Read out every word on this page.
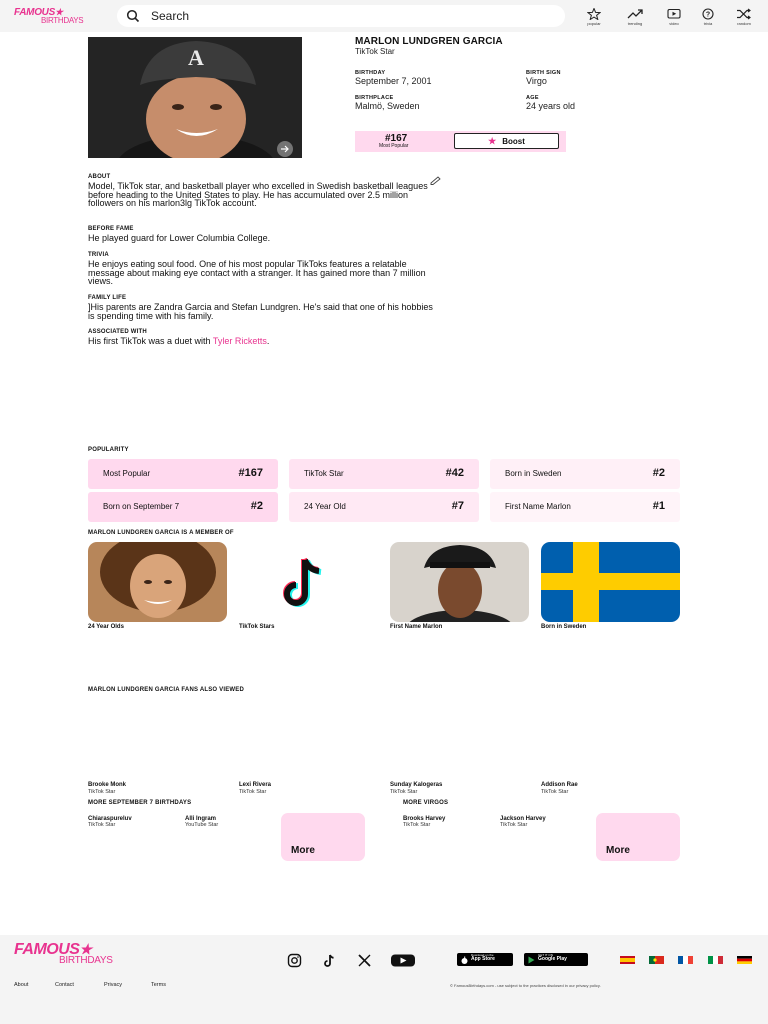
FAMOUS★
BIRTHDAYS
Search	popular	trending	video
?
trivia	random
A
MARLON LUNDGREN GARCIA
TikTok Star
BIRTHDAY
September 7, 2001
BIRTH SIGN
Virgo
BIRTHPLACE
Malmö, Sweden
AGE
24 years old
#167
Most Popular	★ Boost
ABOUT
Model, TikTok star, and basketball player who excelled in Swedish basketball leagues before heading to the United States to play. He has accumulated over 2.5 million followers on his marlon3lg TikTok account.
BEFORE FAME
He played guard for Lower Columbia College.
TRIVIA
He enjoys eating soul food. One of his most popular TikToks features a relatable message about making eye contact with a stranger. It has gained more than 7 million views.
FAMILY LIFE
]His parents are Zandra Garcia and Stefan Lundgren. He's said that one of his hobbies is spending time with his family.
ASSOCIATED WITH
His first TikTok was a duet with Tyler Ricketts.
POPULARITY
Most Popular	#167	TikTok Star	#42	Born in Sweden	#2
Born on September 7	#2	24 Year Old	#7	First Name Marlon	#1
MARLON LUNDGREN GARCIA IS A MEMBER OF
24 Year Olds	TikTok Stars	First Name Marlon	Born in Sweden
MARLON LUNDGREN GARCIA FANS ALSO VIEWED
Brooke Monk
TikTok Star
Lexi Rivera
TikTok Star
Sunday Kalogeras
TikTok Star
Addison Rae
TikTok Star
MORE SEPTEMBER 7 BIRTHDAYS
Chiaraspureluv
TikTok Star
Alli Ingram
YouTube Star
More
MORE VIRGOS
Brooks Harvey
TikTok Star
Jackson Harvey
TikTok Star
More
FAMOUS★
BIRTHDAYS	Download on the
App Store
GET IT ON
Google Play
About	Contact	Privacy	Terms	© FamousBirthdays.com - use subject to the practices disclosed in our privacy policy.
